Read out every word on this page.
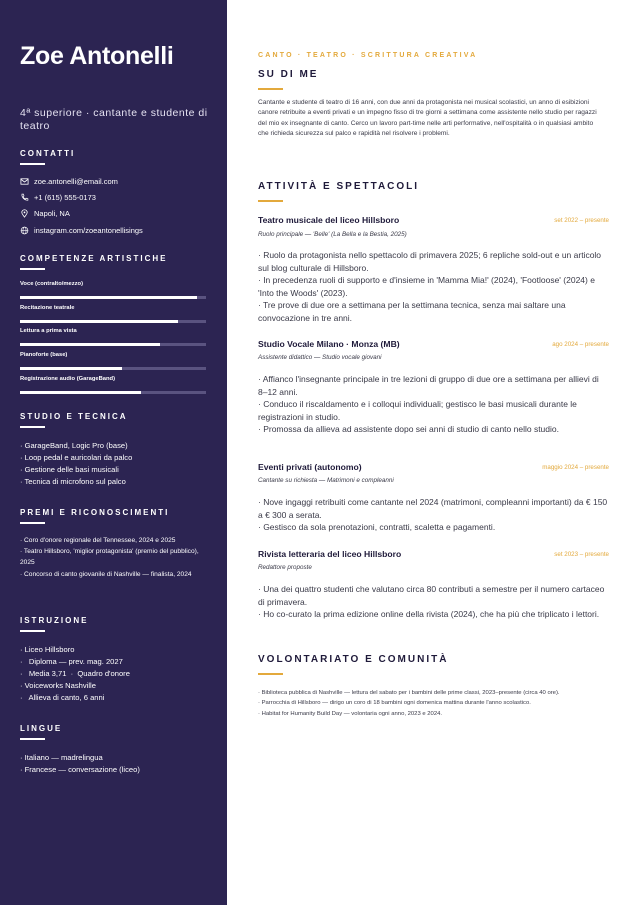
Zoe Antonelli
4ª superiore · cantante e studente di teatro
CONTATTI
zoe.antonelli@email.com
+1 (615) 555-0173
Napoli, NA
instagram.com/zoeantonellisings
COMPETENZE ARTISTICHE
Voce (contralto/mezzo)
Recitazione teatrale
Lettura a prima vista
Pianoforte (base)
Registrazione audio (GarageBand)
STUDIO E TECNICA
· GarageBand, Logic Pro (base)
· Loop pedal e auricolari da palco
· Gestione delle basi musicali
· Tecnica di microfono sul palco
PREMI E RICONOSCIMENTI
· Coro d'onore regionale del Tennessee, 2024 e 2025
· Teatro Hillsboro, 'miglior protagonista' (premio del pubblico), 2025
· Concorso di canto giovanile di Nashville — finalista, 2024
ISTRUZIONE
· Liceo Hillsboro
·   Diploma — prev. mag. 2027
·   Media 3,71  ·  Quadro d'onore
· Voiceworks Nashville
·   Allieva di canto, 6 anni
LINGUE
· Italiano — madrelingua
· Francese — conversazione (liceo)
CANTO · TEATRO · SCRITTURA CREATIVA
SU DI ME

Cantante e studente di teatro di 16 anni, con due anni da protagonista nei musical scolastici, un anno di esibizioni canore retribuite a eventi privati e un impegno fisso di tre giorni a settimana come assistente nello studio per ragazzi del mio ex insegnante di canto. Cerco un lavoro part-time nelle arti performative, nell'ospitalità o in qualsiasi ambito che richieda sicurezza sul palco e rapidità nel risolvere i problemi.

ATTIVITÀ E SPETTACOLI
Teatro musicale del liceo Hillsboro	set 2022 – presente
Ruolo principale — 'Belle' (La Bella e la Bestia, 2025)
· Ruolo da protagonista nello spettacolo di primavera 2025; 6 repliche sold-out e un articolo sul blog culturale di Hillsboro.
· In precedenza ruoli di supporto e d'insieme in 'Mamma Mia!' (2024), 'Footloose' (2024) e 'Into the Woods' (2023).
· Tre prove di due ore a settimana per la settimana tecnica, senza mai saltare una convocazione in tre anni.
Studio Vocale Milano · Monza (MB)	ago 2024 – presente
Assistente didattico — Studio vocale giovani
· Affianco l'insegnante principale in tre lezioni di gruppo di due ore a settimana per allievi di 8–12 anni.
· Conduco il riscaldamento e i colloqui individuali; gestisco le basi musicali durante le registrazioni in studio.
· Promossa da allieva ad assistente dopo sei anni di studio di canto nello studio.
Eventi privati (autonomo)	maggio 2024 – presente
Cantante su richiesta — Matrimoni e compleanni
· Nove ingaggi retribuiti come cantante nel 2024 (matrimoni, compleanni importanti) da € 150 a € 300 a serata.
· Gestisco da sola prenotazioni, contratti, scaletta e pagamenti.
Rivista letteraria del liceo Hillsboro	set 2023 – presente
Redattore proposte
· Una dei quattro studenti che valutano circa 80 contributi a semestre per il numero cartaceo di primavera.
· Ho co-curato la prima edizione online della rivista (2024), che ha più che triplicato i lettori.
VOLONTARIATO E COMUNITÀ
· Biblioteca pubblica di Nashville — lettura del sabato per i bambini delle prime classi, 2023–presente (circa 40 ore).
· Parrocchia di Hillsboro — dirigo un coro di 18 bambini ogni domenica mattina durante l'anno scolastico.
· Habitat for Humanity Build Day — volontaria ogni anno, 2023 e 2024.
